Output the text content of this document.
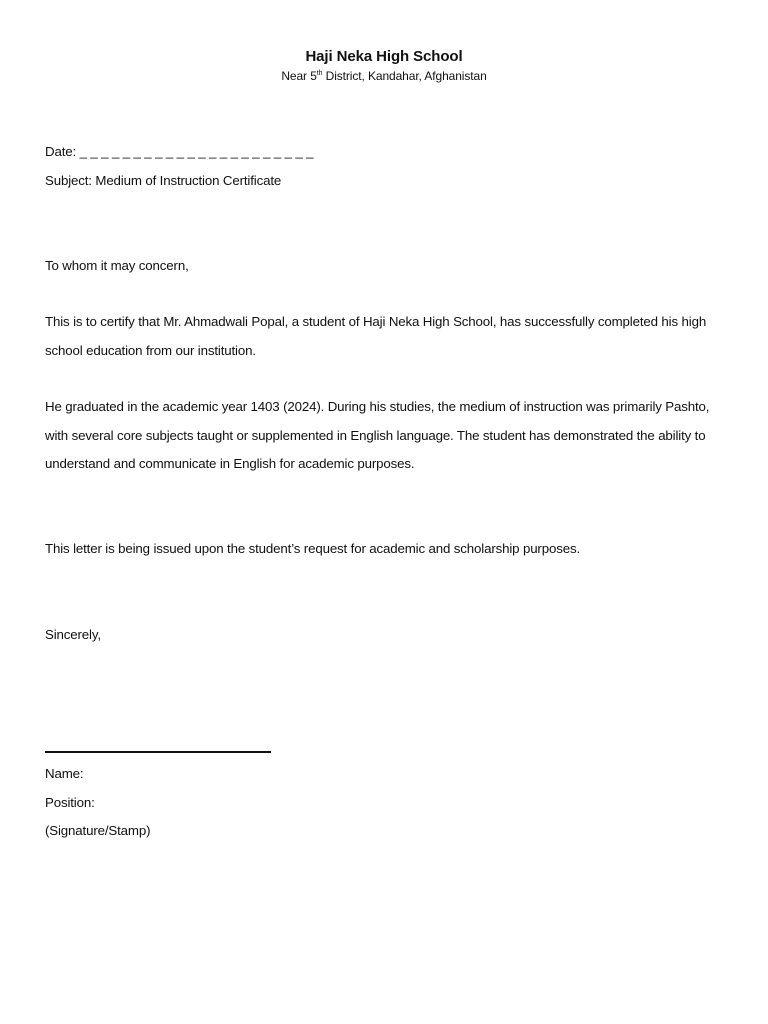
Haji Neka High School
Near 5th District, Kandahar, Afghanistan
Date: _ _ _ _ _ _ _ _ _ _ _ _ _ _ _ _ _ _ _ _ _ _
Subject: Medium of Instruction Certificate
To whom it may concern,
This is to certify that Mr. Ahmadwali Popal, a student of Haji Neka High School, has successfully completed his high school education from our institution.
He graduated in the academic year 1403 (2024). During his studies, the medium of instruction was primarily Pashto, with several core subjects taught or supplemented in English language. The student has demonstrated the ability to understand and communicate in English for academic purposes.
This letter is being issued upon the student’s request for academic and scholarship purposes.
Sincerely,
Name:
Position:
(Signature/Stamp)
